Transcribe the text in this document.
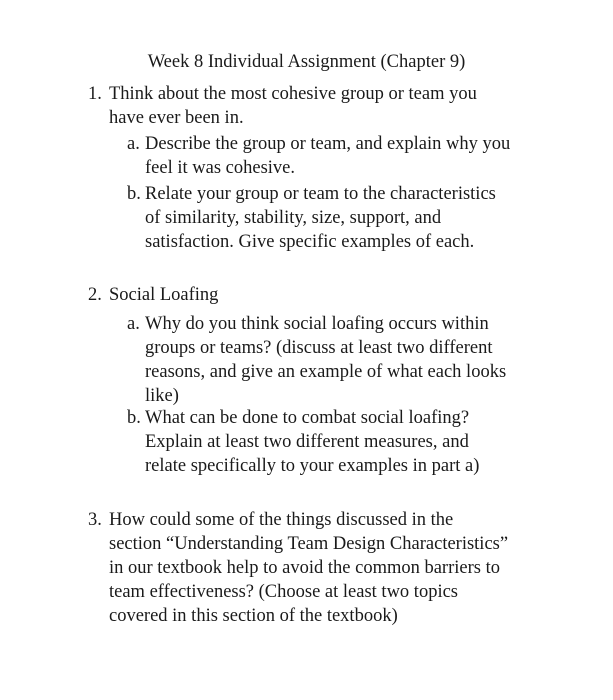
Week 8 Individual Assignment (Chapter 9)
1. Think about the most cohesive group or team you
have ever been in.
a. Describe the group or team, and explain why you
feel it was cohesive.
b. Relate your group or team to the characteristics
of similarity, stability, size, support, and
satisfaction. Give specific examples of each.
2. Social Loafing
a. Why do you think social loafing occurs within
groups or teams? (discuss at least two different
reasons, and give an example of what each looks
like)
b. What can be done to combat social loafing?
Explain at least two different measures, and
relate specifically to your examples in part a)
3. How could some of the things discussed in the
section “Understanding Team Design Characteristics”
in our textbook help to avoid the common barriers to
team effectiveness? (Choose at least two topics
covered in this section of the textbook)
